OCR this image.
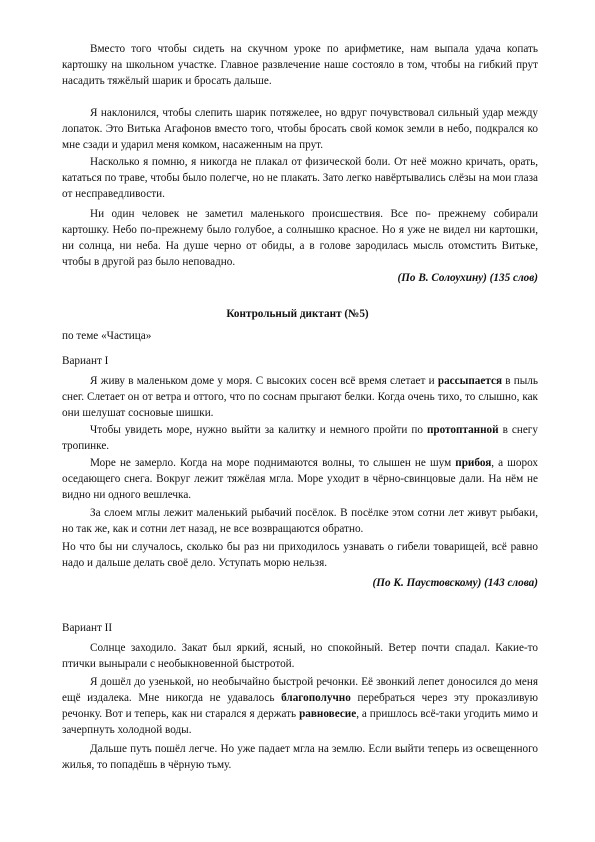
Вместо того чтобы сидеть на скучном уроке по арифметике, нам выпала удача копать картошку на школьном участке. Главное развлечение наше состояло в том, чтобы на гибкий прут насадить тяжёлый шарик и бросать дальше.

Я наклонился, чтобы слепить шарик потяжелее, но вдруг почувствовал сильный удар между лопаток. Это Витька Агафонов вместо того, чтобы бросать свой комок земли в небо, подкрался ко мне сзади и ударил меня комком, насаженным на прут.

Насколько я помню, я никогда не плакал от физической боли. От неё можно кричать, орать, кататься по траве, чтобы было полегче, но не плакать. Зато легко навёртывались слёзы на мои глаза от несправедливости.

Ни один человек не заметил маленького происшествия. Все по- прежнему собирали картошку. Небо по-прежнему было голубое, а солнышко красное. Но я уже не видел ни картошки, ни солнца, ни неба. На душе черно от обиды, а в голове зародилась мысль отомстить Витьке, чтобы в другой раз было неповадно.

(По В. Солоухину) (135 слов)

Контрольный диктант (№5)

по теме «Частица»

Вариант I

Я живу в маленьком доме у моря. С высоких сосен всё время слетает и рассыпается в пыль снег. Слетает он от ветра и оттого, что по соснам прыгают белки. Когда очень тихо, то слышно, как они шелушат сосновые шишки.

Чтобы увидеть море, нужно выйти за калитку и немного пройти по протоптанной в снегу тропинке.

Море не замерло. Когда на море поднимаются волны, то слышен не шум прибоя, а шорох оседающего снега. Вокруг лежит тяжёлая мгла. Море уходит в чёрно-свинцовые дали. На нём не видно ни одного вешлечка.

За слоем мглы лежит маленький рыбачий посёлок. В посёлке этом сотни лет живут рыбаки, но так же, как и сотни лет назад, не все возвращаются обратно.

Но что бы ни случалось, сколько бы раз ни приходилось узнавать о гибели товарищей, всё равно надо и дальше делать своё дело. Уступать морю нельзя.

(По К. Паустовскому) (143 слова)

Вариант II

Солнце заходило. Закат был яркий, ясный, но спокойный. Ветер почти спадал. Какие-то птички вынырали с необыкновенной быстротой.

Я дошёл до узенькой, но необычайно быстрой речонки. Её звонкий лепет доносился до меня ещё издалека. Мне никогда не удавалось благополучно перебраться через эту проказливую речонку. Вот и теперь, как ни старался я держать равновесие, а пришлось всё-таки угодить мимо и зачерпнуть холодной воды.

Дальше путь пошёл легче. Но уже падает мгла на землю. Если выйти теперь из освещенного жилья, то попадёшь в чёрную тьму.
